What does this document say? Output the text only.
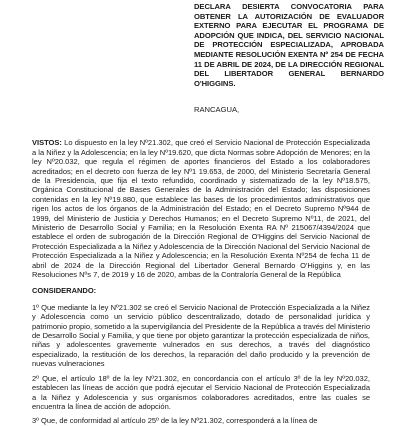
DECLARA DESIERTA CONVOCATORIA PARA OBTENER LA AUTORIZACIÓN DE EVALUADOR EXTERNO PARA EJECUTAR EL PROGRAMA DE ADOPCIÓN QUE INDICA, DEL SERVICIO NACIONAL DE PROTECCIÓN ESPECIALIZADA, APROBADA MEDIANTE RESOLUCIÓN EXENTA Nº 254 DE FECHA 11 DE ABRIL DE 2024, DE LA DIRECCIÓN REGIONAL DEL LIBERTADOR GENERAL BERNARDO O'HIGGINS.
RANCAGUA,

VISTOS: Lo dispuesto en la ley Nº21.302, que creó el Servicio Nacional de Protección Especializada a la Niñez y la Adolescencia; en la ley Nº19.620, que dicta Normas sobre Adopción de Menores; en la ley Nº20.032, que regula el régimen de aportes financieros del Estado a los colaboradores acreditados; en el decreto con fuerza de ley Nº1 19.653, de 2000, del Ministerio Secretaría General de la Presidencia, que fija el texto refundido, coordinado y sistematizado de la ley Nº18.575, Orgánica Constitucional de Bases Generales de la Administración del Estado; las disposiciones contenidas en la ley Nº19.880, que establece las bases de los procedimientos administrativos que rigen los actos de los órganos de la Administración del Estado; en el Decreto Supremo Nº944 de 1999, del Ministerio de Justicia y Derechos Humanos; en el Decreto Supremo Nº11, de 2021, del Ministerio de Desarrollo Social y Familia; en la Resolución Exenta RA Nº 215067/4394/2024 que establece el orden de subrogación de la Dirección Regional de O'Higgins del Servicio Nacional de Protección Especializada a la Niñez y Adolescencia de la Dirección Nacional del Servicio Nacional de Protección Especializada a la Niñez y Adolescencia; en la Resolución Exenta Nº254 de fecha 11 de abril de 2024 de la Dirección Regional del Libertador General Bernardo O'Higgins y, en las Resoluciones Nºs 7, de 2019 y 16 de 2020, ambas de la Contraloría General de la República

CONSIDERANDO:

1º Que mediante la ley Nº21.302 se creó el Servicio Nacional de Protección Especializada a la Niñez y Adolescencia como un servicio público descentralizado, dotado de personalidad jurídica y patrimonio propio, sometido a la supervigilancia del Presidente de la República a través del Ministerio de Desarrollo Social y Familia, y que tiene por objeto garantizar la protección especializada de niños, niñas y adolescentes gravemente vulnerados en sus derechos, a través del diagnóstico especializado, la restitución de los derechos, la reparación del daño producido y la prevención de nuevas vulneraciones

2º Que, el artículo 18º de la ley Nº21.302, en concordancia con el artículo 3º de la ley Nº20.032, establecen las líneas de acción que podrá ejecutar el Servicio Nacional de Protección Especializada a la Niñez y Adolescencia y sus organismos colaboradores acreditados, entre las cuales se encuentra la línea de acción de adopción.

3º Que, de conformidad al artículo 25º de la ley Nº21.302, corresponderá a la línea de
